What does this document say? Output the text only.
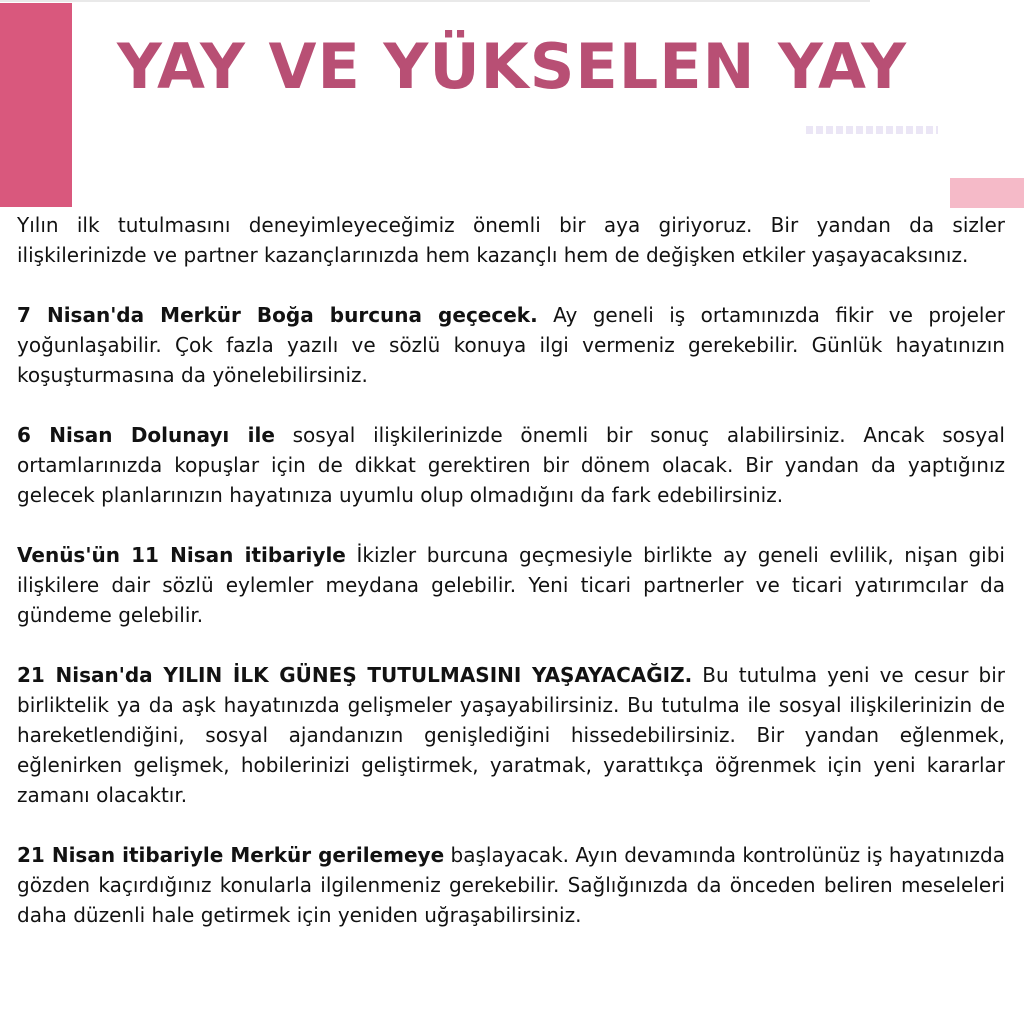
YAY VE YÜKSELEN YAY

Yılın ilk tutulmasını deneyimleyeceğimiz önemli bir aya giriyoruz. Bir yandan da sizler ilişkilerinizde ve partner kazançlarınızda hem kazançlı hem de değişken etkiler yaşayacaksınız.

7 Nisan'da Merkür Boğa burcuna geçecek. Ay geneli iş ortamınızda fikir ve projeler yoğunlaşabilir. Çok fazla yazılı ve sözlü konuya ilgi vermeniz gerekebilir. Günlük hayatınızın koşuşturmasına da yönelebilirsiniz.

6 Nisan Dolunayı ile sosyal ilişkilerinizde önemli bir sonuç alabilirsiniz. Ancak sosyal ortamlarınızda kopuşlar için de dikkat gerektiren bir dönem olacak. Bir yandan da yaptığınız gelecek planlarınızın hayatınıza uyumlu olup olmadığını da fark edebilirsiniz.

Venüs'ün 11 Nisan itibariyle İkizler burcuna geçmesiyle birlikte ay geneli evlilik, nişan gibi ilişkilere dair sözlü eylemler meydana gelebilir. Yeni ticari partnerler ve ticari yatırımcılar da gündeme gelebilir.

21 Nisan'da YILIN İLK GÜNEŞ TUTULMASINI YAŞAYACAĞIZ. Bu tutulma yeni ve cesur bir birliktelik ya da aşk hayatınızda gelişmeler yaşayabilirsiniz. Bu tutulma ile sosyal ilişkilerinizin de hareketlendiğini, sosyal ajandanızın genişlediğini hissedebilirsiniz. Bir yandan eğlenmek, eğlenirken gelişmek, hobilerinizi geliştirmek, yaratmak, yarattıkça öğrenmek için yeni kararlar zamanı olacaktır.

21 Nisan itibariyle Merkür gerilemeye başlayacak. Ayın devamında kontrolünüz iş hayatınızda gözden kaçırdığınız konularla ilgilenmeniz gerekebilir. Sağlığınızda da önceden beliren meseleleri daha düzenli hale getirmek için yeniden uğraşabilirsiniz.
